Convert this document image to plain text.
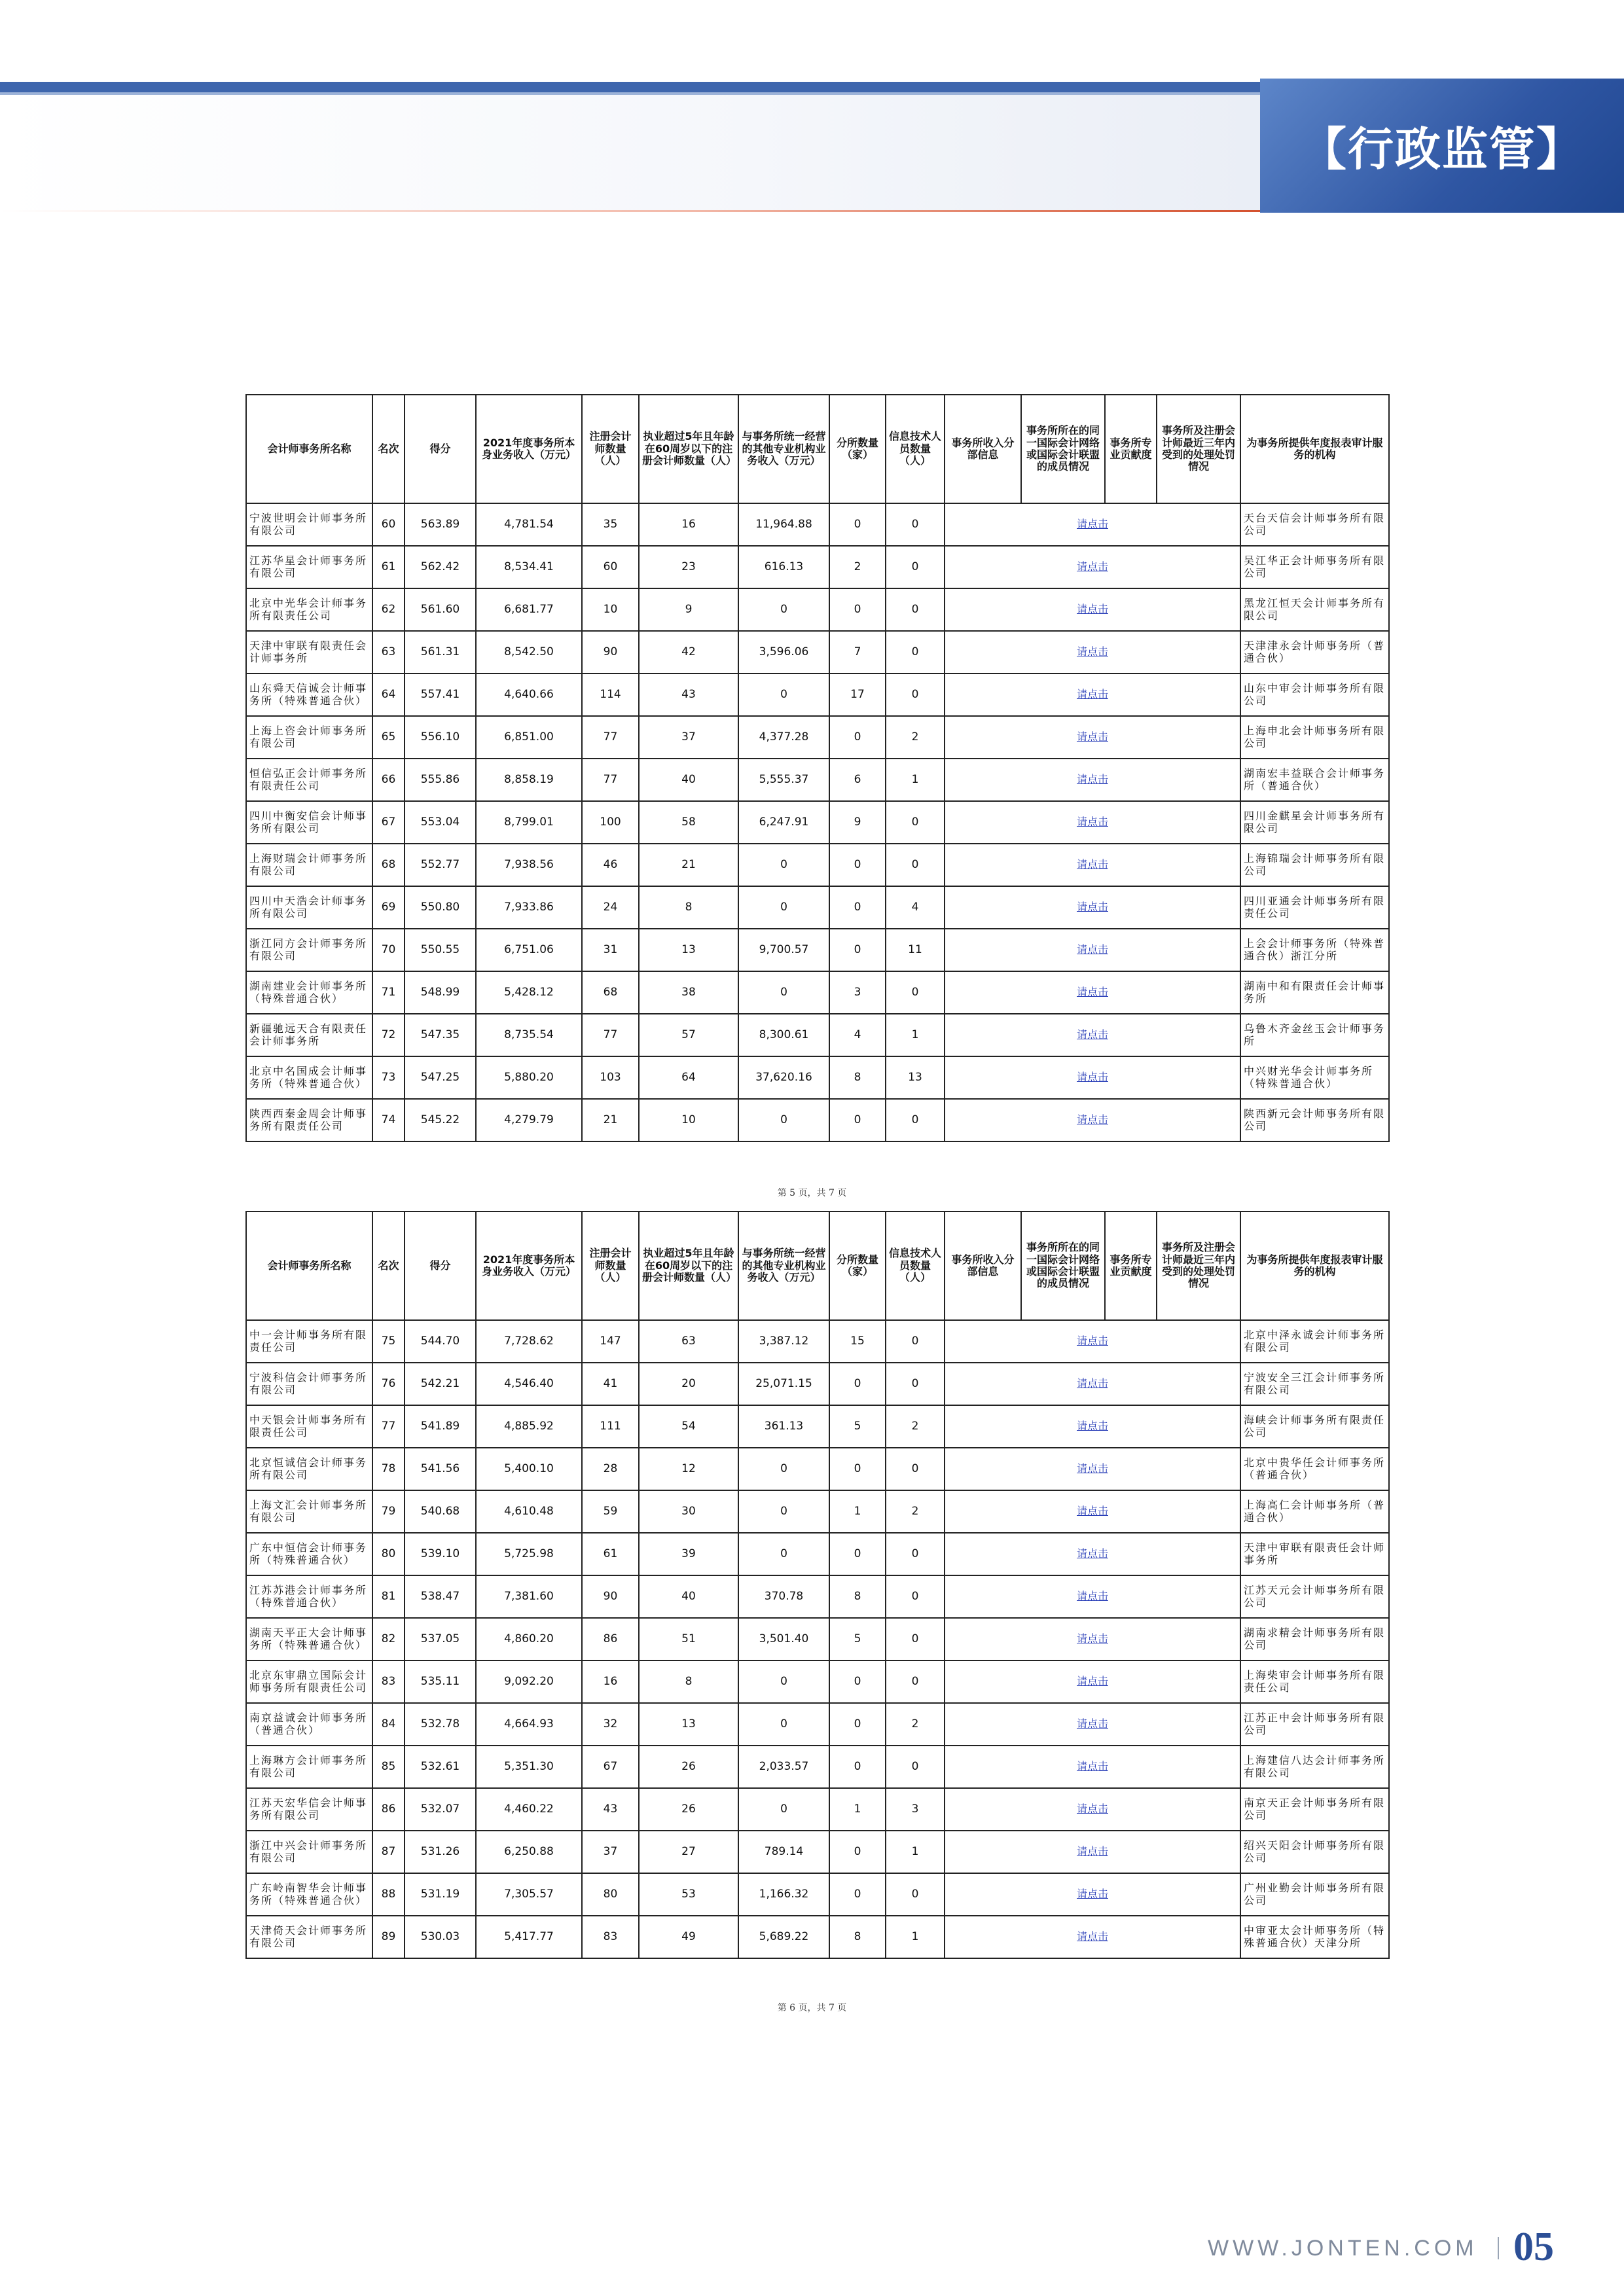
【行政监管】
会计师事务所名称	名次	得分	2021年度事务所本身业务收入（万元）	注册会计师数量（人）	执业超过5年且年龄在60周岁以下的注册会计师数量（人）	与事务所统一经营的其他专业机构业务收入（万元）	分所数量（家）	信息技术人员数量（人）	事务所收入分部信息	事务所所在的同一国际会计网络或国际会计联盟的成员情况	事务所专业贡献度	事务所及注册会计师最近三年内受到的处理处罚情况	为事务所提供年度报表审计服务的机构
宁波世明会计师事务所有限公司	60	563.89	4,781.54	35	16	11,964.88	0	0	请点击				天台天信会计师事务所有限公司
江苏华星会计师事务所有限公司	61	562.42	8,534.41	60	23	616.13	2	0	请点击				吴江华正会计师事务所有限公司
北京中光华会计师事务所有限责任公司	62	561.60	6,681.77	10	9	0	0	0	请点击				黑龙江恒天会计师事务所有限公司
天津中审联有限责任会计师事务所	63	561.31	8,542.50	90	42	3,596.06	7	0	请点击				天津津永会计师事务所（普通合伙）
山东舜天信诚会计师事务所（特殊普通合伙）	64	557.41	4,640.66	114	43	0	17	0	请点击				山东中审会计师事务所有限公司
上海上咨会计师事务所有限公司	65	556.10	6,851.00	77	37	4,377.28	0	2	请点击				上海申北会计师事务所有限公司
恒信弘正会计师事务所有限责任公司	66	555.86	8,858.19	77	40	5,555.37	6	1	请点击				湖南宏丰益联合会计师事务所（普通合伙）
四川中衡安信会计师事务所有限公司	67	553.04	8,799.01	100	58	6,247.91	9	0	请点击				四川金麒星会计师事务所有限公司
上海财瑞会计师事务所有限公司	68	552.77	7,938.56	46	21	0	0	0	请点击				上海锦瑞会计师事务所有限公司
四川中天浩会计师事务所有限公司	69	550.80	7,933.86	24	8	0	0	4	请点击				四川亚通会计师事务所有限责任公司
浙江同方会计师事务所有限公司	70	550.55	6,751.06	31	13	9,700.57	0	11	请点击				上会会计师事务所（特殊普通合伙）浙江分所
湖南建业会计师事务所（特殊普通合伙）	71	548.99	5,428.12	68	38	0	3	0	请点击				湖南中和有限责任会计师事务所
新疆驰远天合有限责任会计师事务所	72	547.35	8,735.54	77	57	8,300.61	4	1	请点击				乌鲁木齐金丝玉会计师事务所
北京中名国成会计师事务所（特殊普通合伙）	73	547.25	5,880.20	103	64	37,620.16	8	13	请点击				中兴财光华会计师事务所（特殊普通合伙）
陕西西秦金周会计师事务所有限责任公司	74	545.22	4,279.79	21	10	0	0	0	请点击				陕西新元会计师事务所有限公司
第 5 页，共 7 页
会计师事务所名称	名次	得分	2021年度事务所本身业务收入（万元）	注册会计师数量（人）	执业超过5年且年龄在60周岁以下的注册会计师数量（人）	与事务所统一经营的其他专业机构业务收入（万元）	分所数量（家）	信息技术人员数量（人）	事务所收入分部信息	事务所所在的同一国际会计网络或国际会计联盟的成员情况	事务所专业贡献度	事务所及注册会计师最近三年内受到的处理处罚情况	为事务所提供年度报表审计服务的机构
中一会计师事务所有限责任公司	75	544.70	7,728.62	147	63	3,387.12	15	0	请点击				北京中泽永诚会计师事务所有限公司
宁波科信会计师事务所有限公司	76	542.21	4,546.40	41	20	25,071.15	0	0	请点击				宁波安全三江会计师事务所有限公司
中天银会计师事务所有限责任公司	77	541.89	4,885.92	111	54	361.13	5	2	请点击				海峡会计师事务所有限责任公司
北京恒诚信会计师事务所有限公司	78	541.56	5,400.10	28	12	0	0	0	请点击				北京中贵华任会计师事务所（普通合伙）
上海文汇会计师事务所有限公司	79	540.68	4,610.48	59	30	0	1	2	请点击				上海高仁会计师事务所（普通合伙）
广东中恒信会计师事务所（特殊普通合伙）	80	539.10	5,725.98	61	39	0	0	0	请点击				天津中审联有限责任会计师事务所
江苏苏港会计师事务所（特殊普通合伙）	81	538.47	7,381.60	90	40	370.78	8	0	请点击				江苏天元会计师事务所有限公司
湖南天平正大会计师事务所（特殊普通合伙）	82	537.05	4,860.20	86	51	3,501.40	5	0	请点击				湖南求精会计师事务所有限公司
北京东审鼎立国际会计师事务所有限责任公司	83	535.11	9,092.20	16	8	0	0	0	请点击				上海柴审会计师事务所有限责任公司
南京益诚会计师事务所（普通合伙）	84	532.78	4,664.93	32	13	0	0	2	请点击				江苏正中会计师事务所有限公司
上海琳方会计师事务所有限公司	85	532.61	5,351.30	67	26	2,033.57	0	0	请点击				上海建信八达会计师事务所有限公司
江苏天宏华信会计师事务所有限公司	86	532.07	4,460.22	43	26	0	1	3	请点击				南京天正会计师事务所有限公司
浙江中兴会计师事务所有限公司	87	531.26	6,250.88	37	27	789.14	0	1	请点击				绍兴天阳会计师事务所有限公司
广东岭南智华会计师事务所（特殊普通合伙）	88	531.19	7,305.57	80	53	1,166.32	0	0	请点击				广州业勤会计师事务所有限公司
天津倚天会计师事务所有限公司	89	530.03	5,417.77	83	49	5,689.22	8	1	请点击				中审亚太会计师事务所（特殊普通合伙）天津分所
第 6 页，共 7 页
WWW.JONTEN.COM 05
